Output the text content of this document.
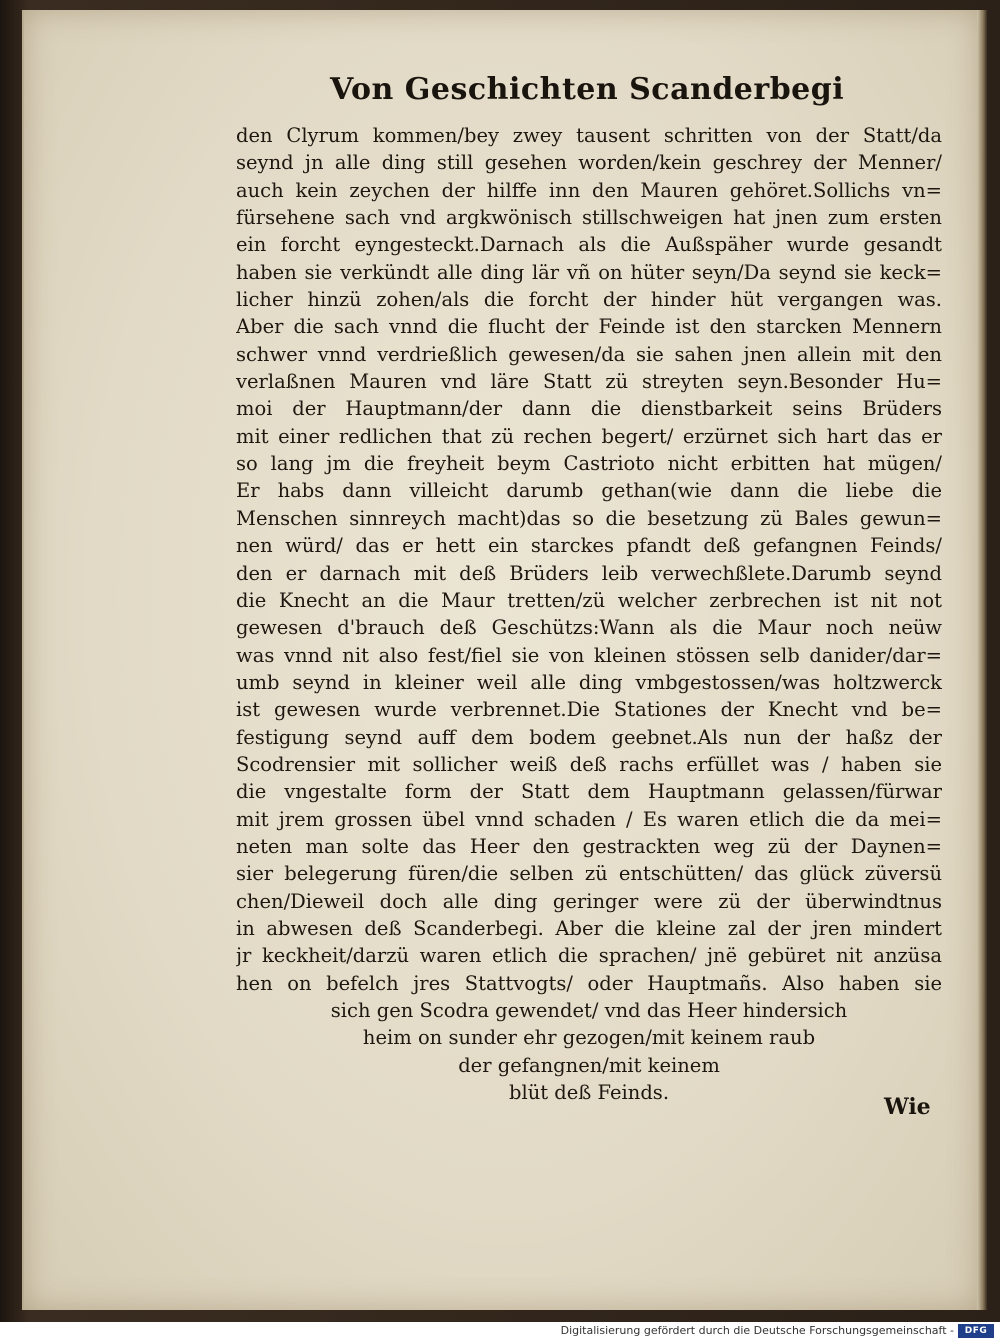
Von Geschichten Scanderbegi
den Clyrum kommen/bey zwey tausent schritten von der Statt/da
seynd jn alle ding still gesehen worden/kein geschrey der Menner/
auch kein zeychen der hilffe inn den Mauren gehöret.Sollichs vn=
fürsehene sach vnd argkwönisch stillschweigen hat jnen zum ersten
ein forcht eyngesteckt.Darnach als die Außspäher wurde gesandt
haben sie verkündt alle ding lär vñ on hüter seyn/Da seynd sie keck=
licher hinzü zohen/als die forcht der hinder hüt vergangen was.
Aber die sach vnnd die flucht der Feinde ist den starcken Mennern
schwer vnnd verdrießlich gewesen/da sie sahen jnen allein mit den
verlaßnen Mauren vnd läre Statt zü streyten seyn.Besonder Hu=
moi der Hauptmann/der dann die dienstbarkeit seins Brüders
mit einer redlichen that zü rechen begert/ erzürnet sich hart das er
so lang jm die freyheit beym Castrioto nicht erbitten hat mügen/
Er habs dann villeicht darumb gethan(wie dann die liebe die
Menschen sinnreych macht)das so die besetzung zü Bales gewun=
nen würd/ das er hett ein starckes pfandt deß gefangnen Feinds/
den er darnach mit deß Brüders leib verwechßlete.Darumb seynd
die Knecht an die Maur tretten/zü welcher zerbrechen ist nit not
gewesen d'brauch deß Geschützs:Wann als die Maur noch neüw
was vnnd nit also fest/fiel sie von kleinen stössen selb danider/dar=
umb seynd in kleiner weil alle ding vmbgestossen/was holtzwerck
ist gewesen wurde verbrennet.Die Stationes der Knecht vnd be=
festigung seynd auff dem bodem geebnet.Als nun der haßz der
Scodrensier mit sollicher weiß deß rachs erfüllet was / haben sie
die vngestalte form der Statt dem Hauptmann gelassen/fürwar
mit jrem grossen übel vnnd schaden / Es waren etlich die da mei=
neten man solte das Heer den gestrackten weg zü der Daynen=
sier belegerung füren/die selben zü entschütten/ das glück züversü
chen/Dieweil doch alle ding geringer were zü der überwindtnus
in abwesen deß Scanderbegi. Aber die kleine zal der jren mindert
jr keckheit/darzü waren etlich die sprachen/ jnë gebüret nit anzüsa
hen on befelch jres Stattvogts/ oder Hauptmañs. Also haben sie
sich gen Scodra gewendet/ vnd das Heer hindersich
heim on sunder ehr gezogen/mit keinem raub
der gefangnen/mit keinem
blüt deß Feinds.
Wie
Digitalisierung gefördert durch die Deutsche Forschungsgemeinschaft -	DFG
